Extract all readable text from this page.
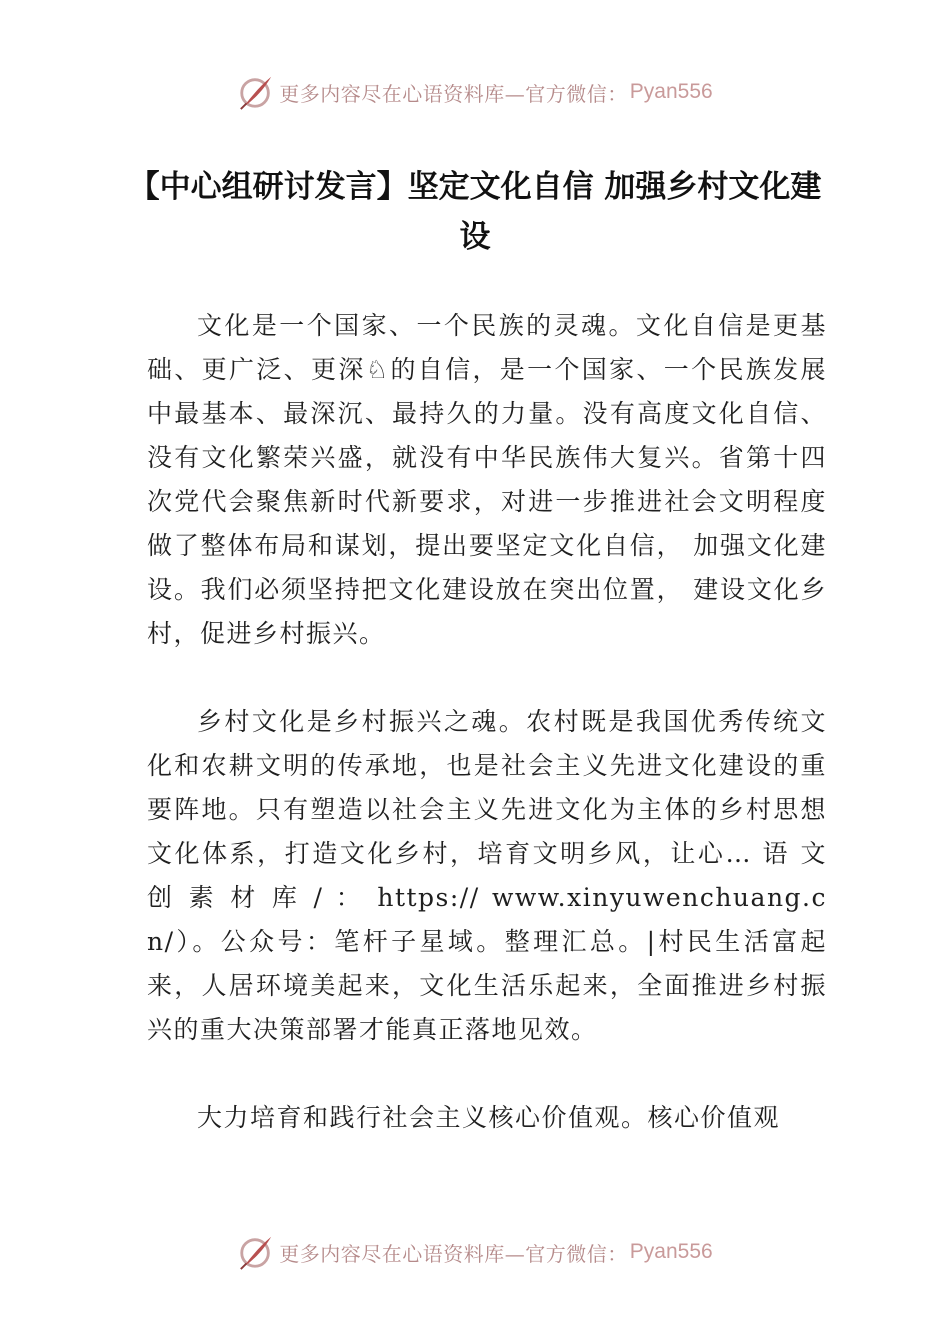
更多内容尽在心语资料库—官方微信： Pyan556
【中心组研讨发言】坚定文化自信 加强乡村文化建设

文化是一个国家、一个民族的灵魂。文化自信是更基础、更广泛、更深♘的自信，是一个国家、一个民族发展中最基本、最深沉、最持久的力量。没有高度文化自信、没有文化繁荣兴盛，就没有中华民族伟大复兴。省第十四次党代会聚焦新时代新要求，对进一步推进社会文明程度做了整体布局和谋划，提出要坚定文化自信， 加强文化建设。我们必须坚持把文化建设放在突出位置， 建设文化乡村，促进乡村振兴。

乡村文化是乡村振兴之魂。农村既是我国优秀传统文化和农耕文明的传承地，也是社会主义先进文化建设的重要阵地。只有塑造以社会主义先进文化为主体的乡村思想文化体系，打造文化乡村，培育文明乡风，让心… 语 文 创 素 材 库 / ： https:// www.xinyuwenchuang.cn/）。公众号：笔杆子星域。整理汇总。|村民生活富起来，人居环境美起来，文化生活乐起来，全面推进乡村振兴的重大决策部署才能真正落地见效。

大力培育和践行社会主义核心价值观。核心价值观

更多内容尽在心语资料库—官方微信： Pyan556
